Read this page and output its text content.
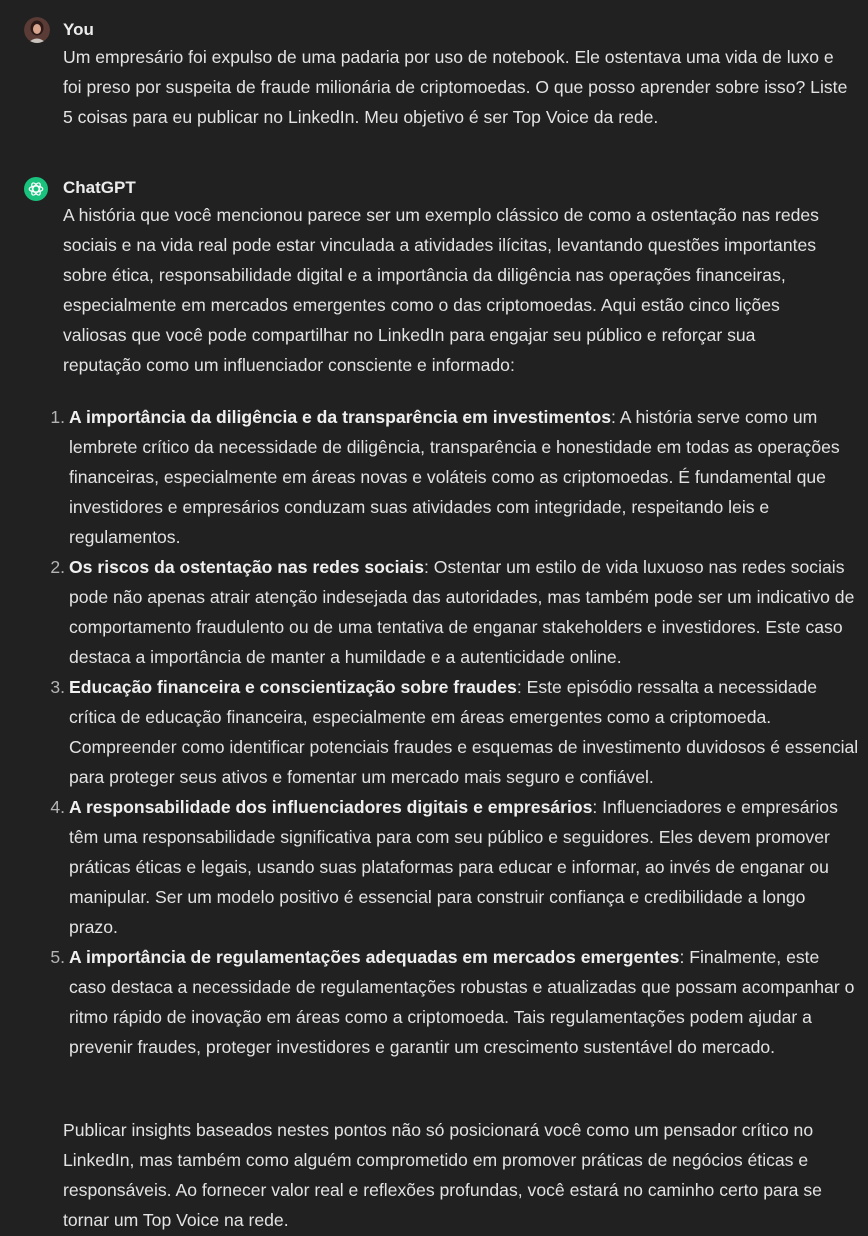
You

Um empresário foi expulso de uma padaria por uso de notebook. Ele ostentava uma vida de luxo e foi preso por suspeita de fraude milionária de criptomoedas. O que posso aprender sobre isso? Liste 5 coisas para eu publicar no LinkedIn. Meu objetivo é ser Top Voice da rede.

ChatGPT

A história que você mencionou parece ser um exemplo clássico de como a ostentação nas redes sociais e na vida real pode estar vinculada a atividades ilícitas, levantando questões importantes sobre ética, responsabilidade digital e a importância da diligência nas operações financeiras, especialmente em mercados emergentes como o das criptomoedas. Aqui estão cinco lições valiosas que você pode compartilhar no LinkedIn para engajar seu público e reforçar sua reputação como um influenciador consciente e informado:

1. A importância da diligência e da transparência em investimentos: A história serve como um lembrete crítico da necessidade de diligência, transparência e honestidade em todas as operações financeiras, especialmente em áreas novas e voláteis como as criptomoedas. É fundamental que investidores e empresários conduzam suas atividades com integridade, respeitando leis e regulamentos.
2. Os riscos da ostentação nas redes sociais: Ostentar um estilo de vida luxuoso nas redes sociais pode não apenas atrair atenção indesejada das autoridades, mas também pode ser um indicativo de comportamento fraudulento ou de uma tentativa de enganar stakeholders e investidores. Este caso destaca a importância de manter a humildade e a autenticidade online.
3. Educação financeira e conscientização sobre fraudes: Este episódio ressalta a necessidade crítica de educação financeira, especialmente em áreas emergentes como a criptomoeda. Compreender como identificar potenciais fraudes e esquemas de investimento duvidosos é essencial para proteger seus ativos e fomentar um mercado mais seguro e confiável.
4. A responsabilidade dos influenciadores digitais e empresários: Influenciadores e empresários têm uma responsabilidade significativa para com seu público e seguidores. Eles devem promover práticas éticas e legais, usando suas plataformas para educar e informar, ao invés de enganar ou manipular. Ser um modelo positivo é essencial para construir confiança e credibilidade a longo prazo.
5. A importância de regulamentações adequadas em mercados emergentes: Finalmente, este caso destaca a necessidade de regulamentações robustas e atualizadas que possam acompanhar o ritmo rápido de inovação em áreas como a criptomoeda. Tais regulamentações podem ajudar a prevenir fraudes, proteger investidores e garantir um crescimento sustentável do mercado.

Publicar insights baseados nestes pontos não só posicionará você como um pensador crítico no LinkedIn, mas também como alguém comprometido em promover práticas de negócios éticas e responsáveis. Ao fornecer valor real e reflexões profundas, você estará no caminho certo para se tornar um Top Voice na rede.
